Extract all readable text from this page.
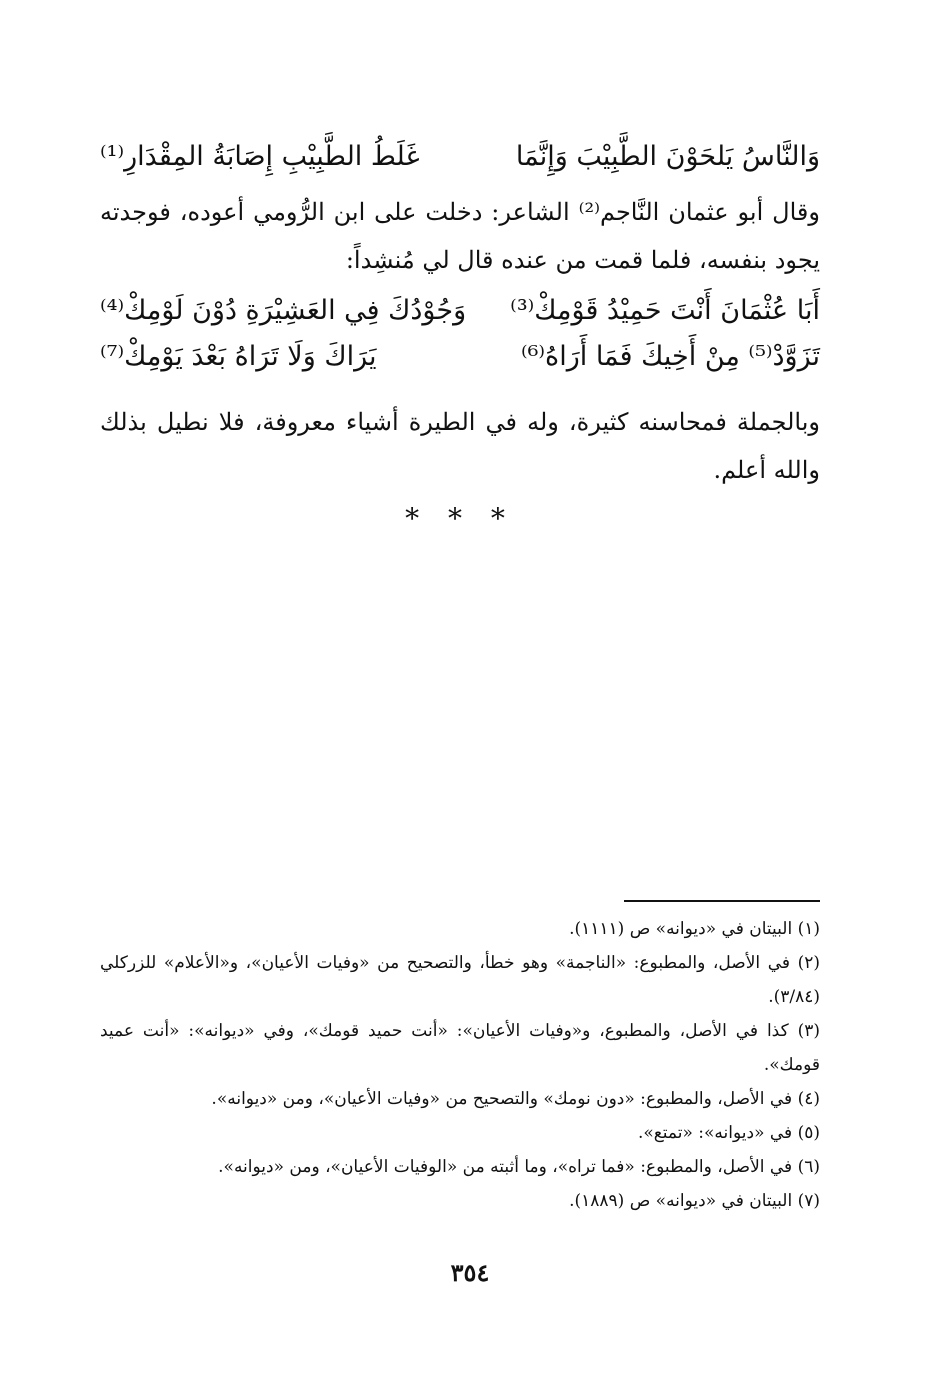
وَالنَّاسُ يَلحَوْنَ الطَّبِيْبَ وَإِنَّمَا
غَلَطُ الطَّبِيْبِ إِصَابَةُ المِقْدَارِ⁽¹⁾

وقال أبو عثمان النَّاجم⁽²⁾ الشاعر: دخلت على ابن الرُّومي أعوده، فوجدته يجود بنفسه، فلما قمت من عنده قال لي مُنشِداً:

أَبَا عُثْمَانَ أَنْتَ حَمِيْدُ قَوْمِكْ⁽³⁾
وَجُوْدُكَ فِي العَشِيْرَةِ دُوْنَ لَوْمِكْ⁽⁴⁾
تَزَوَّدْ⁽⁵⁾ مِنْ أَخِيكَ فَمَا أَرَاهُ⁽⁶⁾
يَرَاكَ وَلَا تَرَاهُ بَعْدَ يَوْمِكْ⁽⁷⁾

وبالجملة فمحاسنه كثيرة، وله في الطيرة أشياء معروفة، فلا نطيل بذلك والله أعلم.

* * *

(١) البيتان في «ديوانه» ص (١١١١).

(٢) في الأصل، والمطبوع: «الناجمة» وهو خطأ، والتصحيح من «وفيات الأعيان»، و«الأعلام» للزركلي (٣/٨٤).

(٣) كذا في الأصل، والمطبوع، و«وفيات الأعيان»: «أنت حميد قومك»، وفي «ديوانه»: «أنت عميد قومك».

(٤) في الأصل، والمطبوع: «دون نومك» والتصحيح من «وفيات الأعيان»، ومن «ديوانه».

(٥) في «ديوانه»: «تمتع».

(٦) في الأصل، والمطبوع: «فما تراه»، وما أثبته من «الوفيات الأعيان»، ومن «ديوانه».

(٧) البيتان في «ديوانه» ص (١٨٨٩).

٣٥٤
